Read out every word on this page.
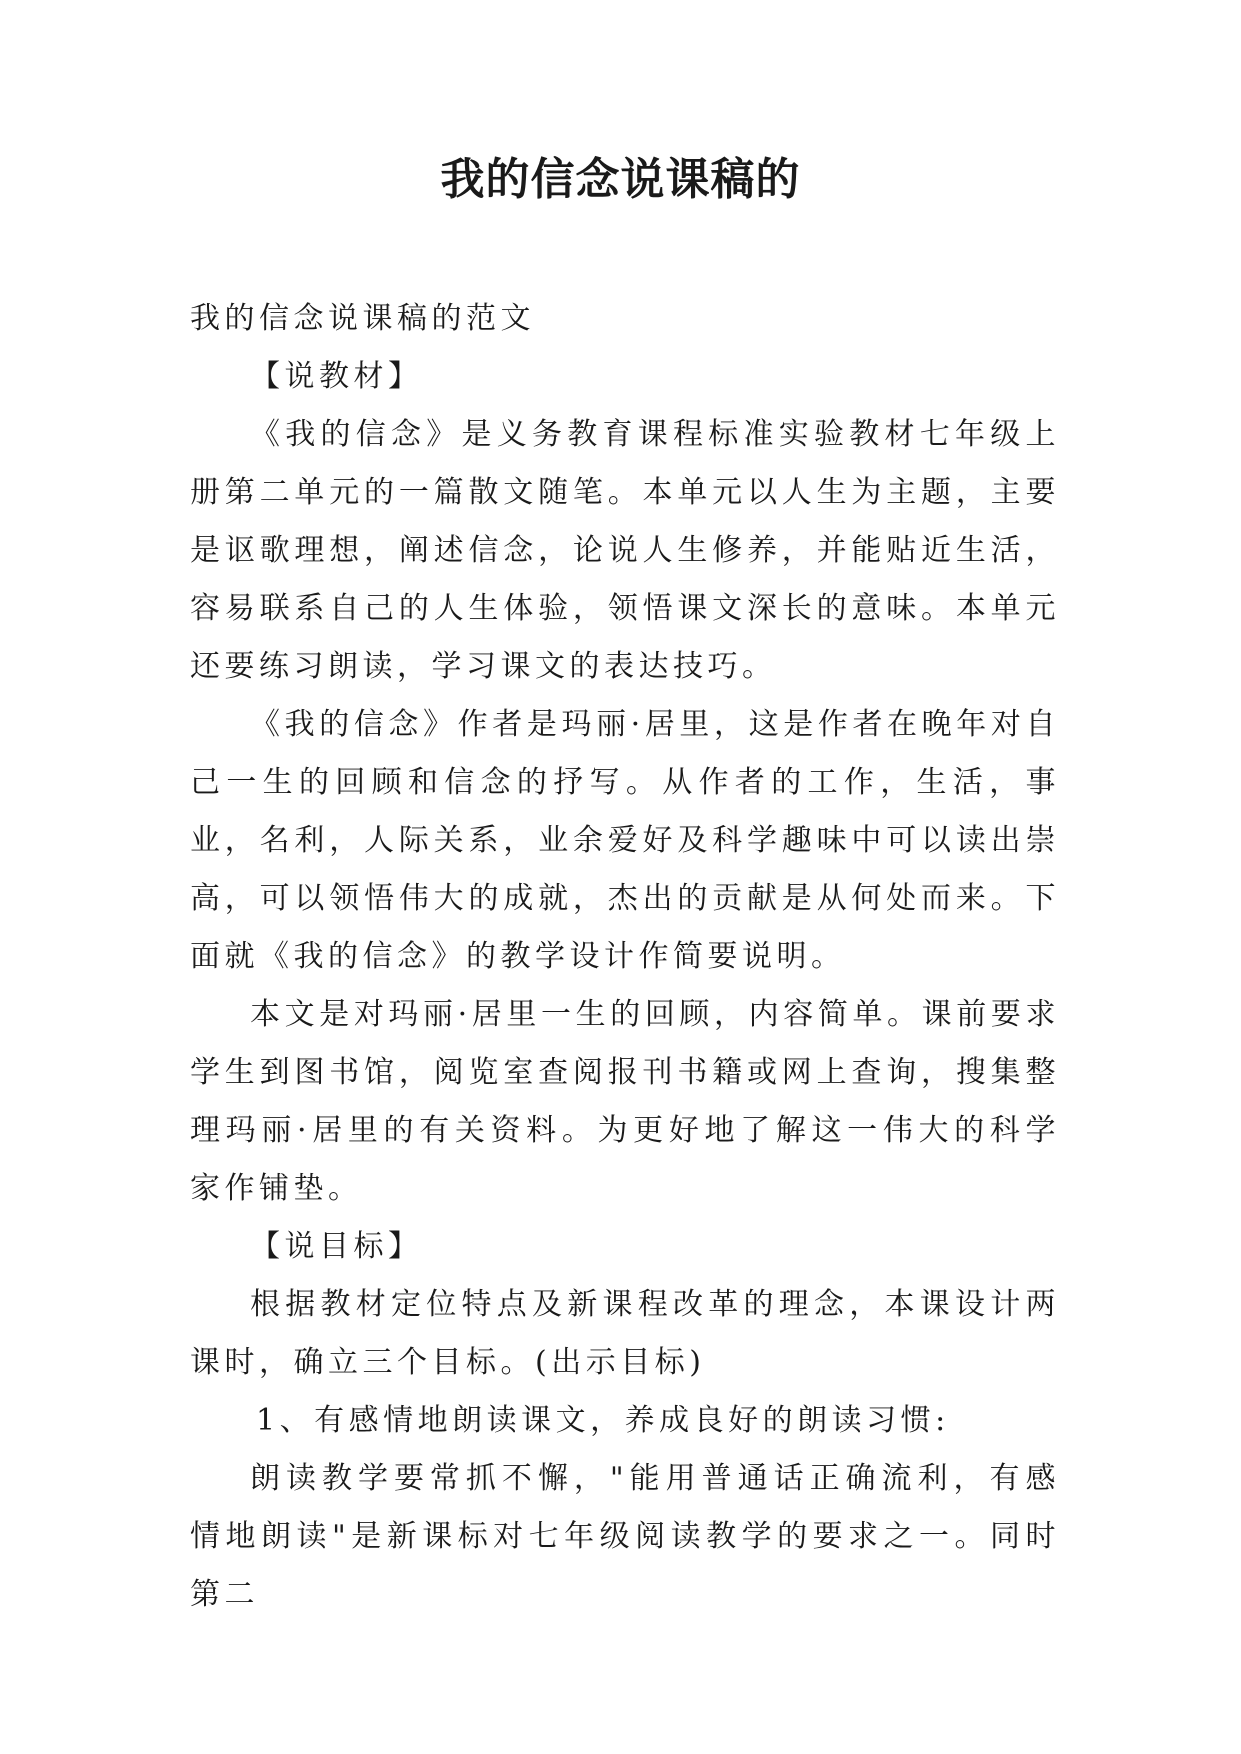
我的信念说课稿的

我的信念说课稿的范文

【说教材】

《我的信念》是义务教育课程标准实验教材七年级上册第二单元的一篇散文随笔。本单元以人生为主题，主要是讴歌理想，阐述信念，论说人生修养，并能贴近生活，容易联系自己的人生体验，领悟课文深长的意味。本单元还要练习朗读，学习课文的表达技巧。

《我的信念》作者是玛丽·居里，这是作者在晚年对自己一生的回顾和信念的抒写。从作者的工作，生活，事业，名利，人际关系，业余爱好及科学趣味中可以读出崇高，可以领悟伟大的成就，杰出的贡献是从何处而来。下面就《我的信念》的教学设计作简要说明。

本文是对玛丽·居里一生的回顾，内容简单。课前要求学生到图书馆，阅览室查阅报刊书籍或网上查询，搜集整理玛丽·居里的有关资料。为更好地了解这一伟大的科学家作铺垫。

【说目标】

根据教材定位特点及新课程改革的理念，本课设计两课时，确立三个目标。(出示目标)

1、有感情地朗读课文，养成良好的朗读习惯:

朗读教学要常抓不懈，"能用普通话正确流利，有感情地朗读"是新课标对七年级阅读教学的要求之一。同时第二
